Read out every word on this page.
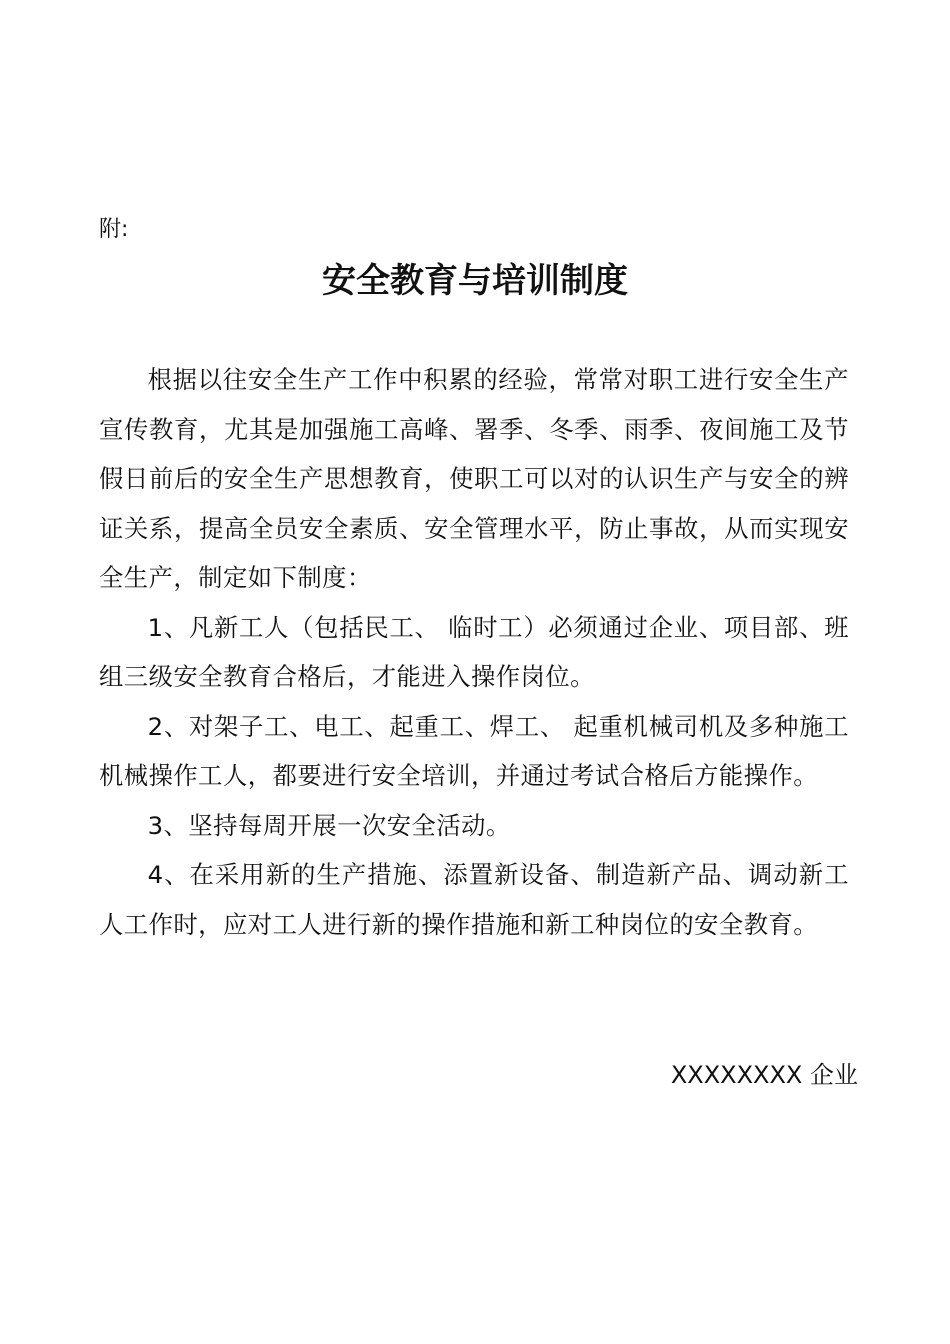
附:

安全教育与培训制度

根据以往安全生产工作中积累的经验，常常对职工进行安全生产宣传教育，尤其是加强施工高峰、署季、冬季、雨季、夜间施工及节假日前后的安全生产思想教育，使职工可以对的认识生产与安全的辨证关系，提高全员安全素质、安全管理水平，防止事故，从而实现安全生产，制定如下制度：

1、凡新工人（包括民工、 临时工）必须通过企业、项目部、班组三级安全教育合格后，才能进入操作岗位。

2、对架子工、电工、起重工、焊工、 起重机械司机及多种施工机械操作工人，都要进行安全培训，并通过考试合格后方能操作。

3、坚持每周开展一次安全活动。

4、在采用新的生产措施、添置新设备、制造新产品、调动新工人工作时，应对工人进行新的操作措施和新工种岗位的安全教育。

XXXXXXXX 企业
